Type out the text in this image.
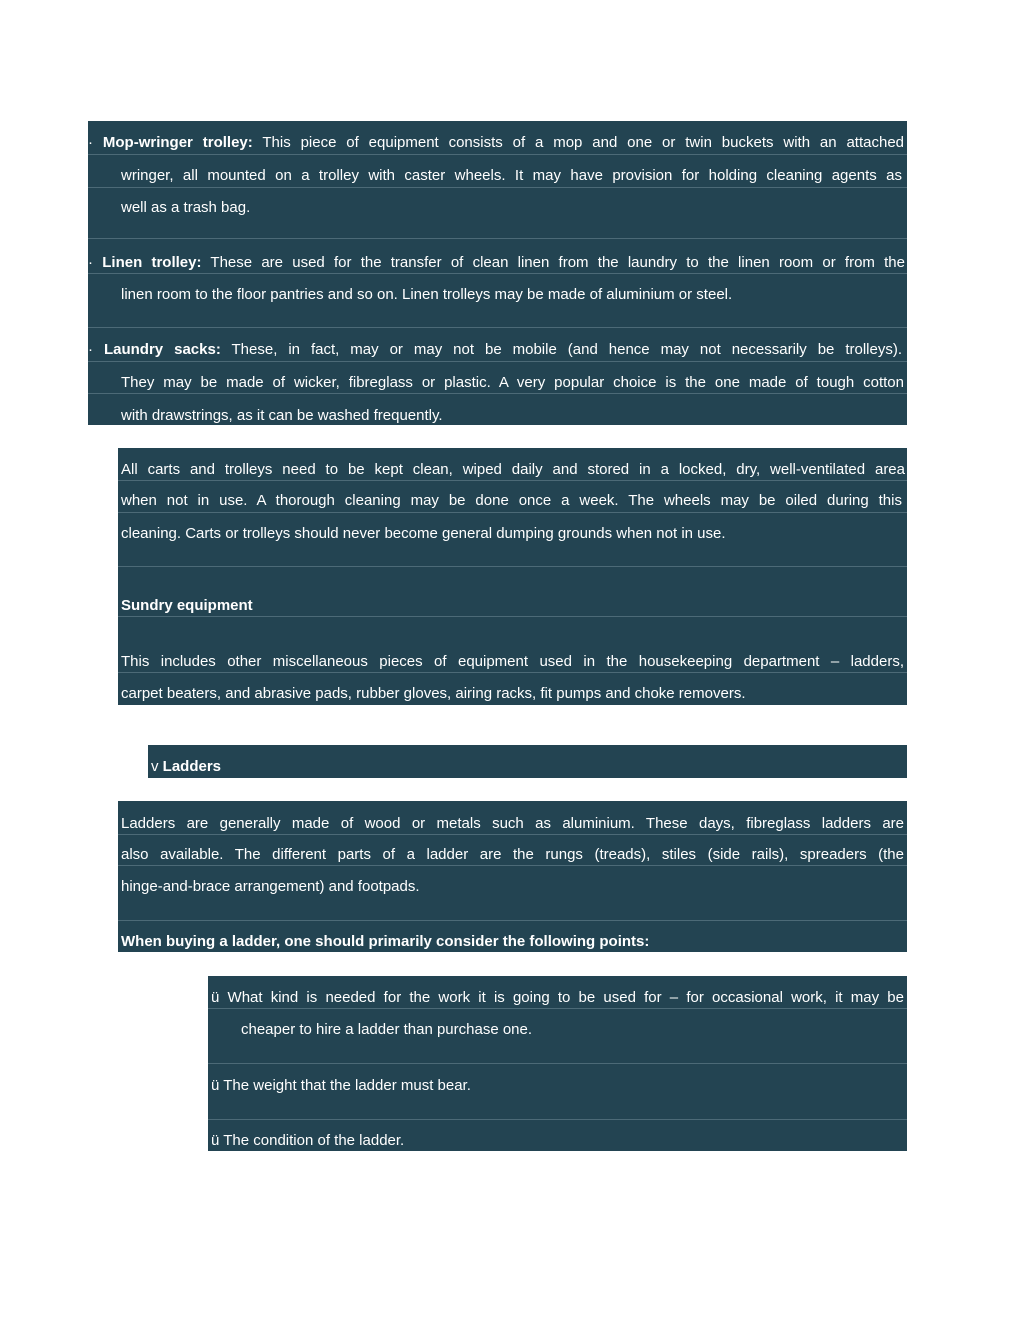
· Mop-wringer trolley: This piece of equipment consists of a mop and one or twin buckets with an attached
wringer, all mounted on a trolley with caster wheels. It may have provision for holding cleaning agents as
well as a trash bag.
· Linen trolley: These are used for the transfer of clean linen from the laundry to the linen room or from the
linen room to the floor pantries and so on. Linen trolleys may be made of aluminium or steel.
· Laundry sacks: These, in fact, may or may not be mobile (and hence may not necessarily be trolleys).
They may be made of wicker, fibreglass or plastic. A very popular choice is the one made of tough cotton
with drawstrings, as it can be washed frequently.
All carts and trolleys need to be kept clean, wiped daily and stored in a locked, dry, well-ventilated area
when not in use. A thorough cleaning may be done once a week. The wheels may be oiled during this
cleaning. Carts or trolleys should never become general dumping grounds when not in use.
Sundry equipment
This includes other miscellaneous pieces of equipment used in the housekeeping department – ladders,
carpet beaters, and abrasive pads, rubber gloves, airing racks, fit pumps and choke removers.
v Ladders
Ladders are generally made of wood or metals such as aluminium. These days, fibreglass ladders are
also available. The different parts of a ladder are the rungs (treads), stiles (side rails), spreaders (the
hinge-and-brace arrangement) and footpads.
When buying a ladder, one should primarily consider the following points:
ü What kind is needed for the work it is going to be used for – for occasional work, it may be
cheaper to hire a ladder than purchase one.
ü The weight that the ladder must bear.
ü The condition of the ladder.
